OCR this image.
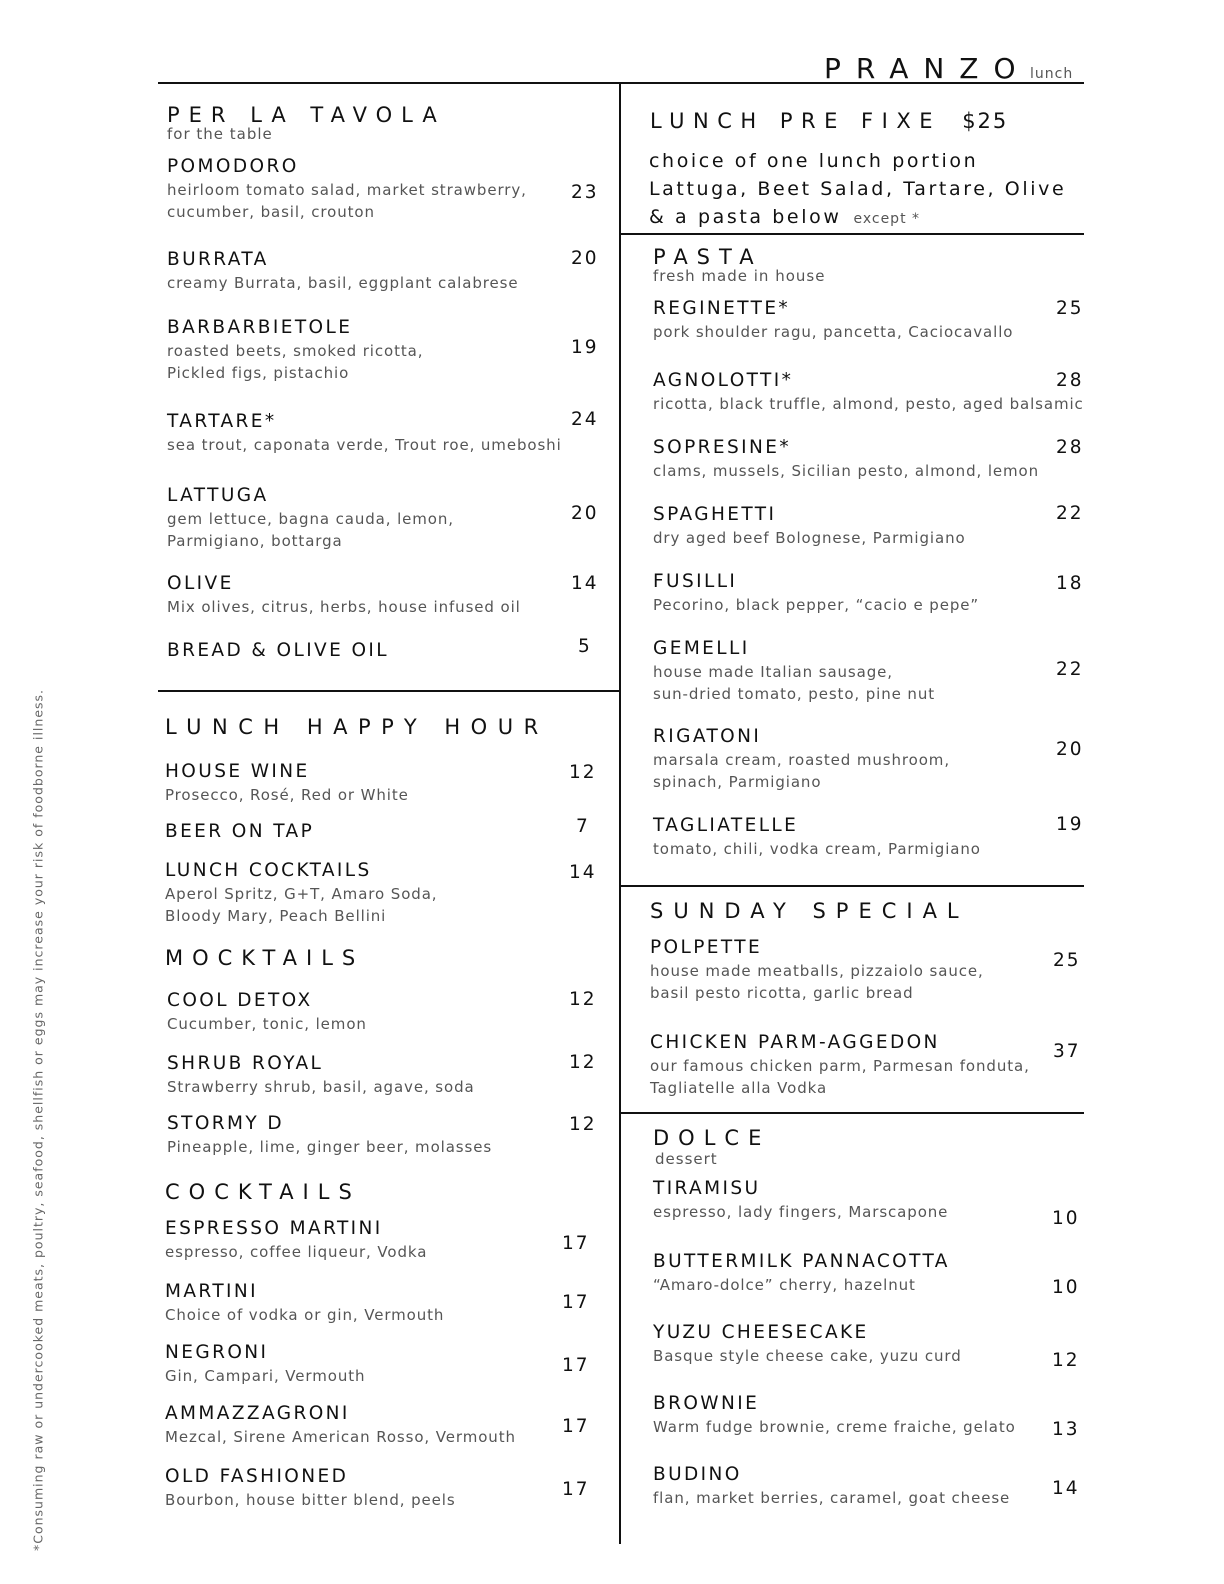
PRANZO lunch
*Consuming raw or undercooked meats, poultry, seafood, shellfish or eggs may increase your risk of foodborne illness.
PER LA TAVOLA
for the table
POMODORO
heirloom tomato salad, market strawberry,
cucumber, basil, crouton
23
BURRATA
creamy Burrata, basil, eggplant calabrese
20
BARBARBIETOLE
roasted beets, smoked ricotta,
Pickled figs, pistachio
19
TARTARE*
sea trout, caponata verde, Trout roe, umeboshi
24
LATTUGA
gem lettuce, bagna cauda, lemon,
Parmigiano, bottarga
20
OLIVE
Mix olives, citrus, herbs, house infused oil
14
BREAD & OLIVE OIL	5
LUNCH HAPPY HOUR
HOUSE WINE
Prosecco, Rosé, Red or White
12
BEER ON TAP	7
LUNCH COCKTAILS
Aperol Spritz, G+T, Amaro Soda,
Bloody Mary, Peach Bellini
14
MOCKTAILS
COOL DETOX
Cucumber, tonic, lemon
12
SHRUB ROYAL
Strawberry shrub, basil, agave, soda
12
STORMY D
Pineapple, lime, ginger beer, molasses
12
COCKTAILS
ESPRESSO MARTINI
espresso, coffee liqueur, Vodka	17
MARTINI
Choice of vodka or gin, Vermouth
17
NEGRONI
Gin, Campari, Vermouth	17
AMMAZZAGRONI
Mezcal, Sirene American Rosso, Vermouth	17
OLD FASHIONED
Bourbon, house bitter blend, peels	17
LUNCH PRE FIXE $25
choice of one lunch portion
Lattuga, Beet Salad, Tartare, Olive
& a pasta below except *
PASTA
fresh made in house
REGINETTE*
pork shoulder ragu, pancetta, Caciocavallo
25
AGNOLOTTI*
ricotta, black truffle, almond, pesto, aged balsamic
28
SOPRESINE*
clams, mussels, Sicilian pesto, almond, lemon
28
SPAGHETTI
dry aged beef Bolognese, Parmigiano
22
FUSILLI
Pecorino, black pepper, “cacio e pepe”
18
GEMELLI
house made Italian sausage,
sun-dried tomato, pesto, pine nut
22
RIGATONI
marsala cream, roasted mushroom,
spinach, Parmigiano
20
TAGLIATELLE
tomato, chili, vodka cream, Parmigiano
19
SUNDAY SPECIAL
POLPETTE
house made meatballs, pizzaiolo sauce,
basil pesto ricotta, garlic bread
25
CHICKEN PARM-AGGEDON
our famous chicken parm, Parmesan fonduta,
Tagliatelle alla Vodka
37
DOLCE
dessert
TIRAMISU
espresso, lady fingers, Marscapone	10
BUTTERMILK PANNACOTTA
“Amaro-dolce” cherry, hazelnut	10
YUZU CHEESECAKE
Basque style cheese cake, yuzu curd	12
BROWNIE
Warm fudge brownie, creme fraiche, gelato	13
BUDINO
flan, market berries, caramel, goat cheese	14
